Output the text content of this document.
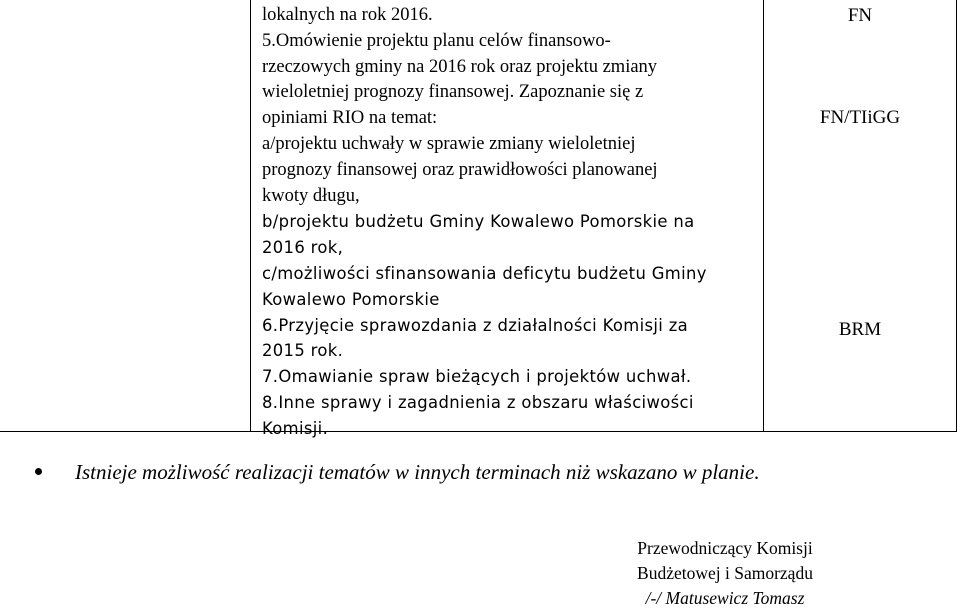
lokalnych na rok 2016.
5.Omówienie projektu planu celów finansowo-
rzeczowych gminy na 2016 rok oraz projektu zmiany
wieloletniej prognozy finansowej. Zapoznanie się z
opiniami RIO na temat:
a/projektu uchwały w sprawie zmiany wieloletniej
prognozy finansowej oraz prawidłowości planowanej
kwoty długu,
b/projektu budżetu Gminy Kowalewo Pomorskie na
2016 rok,
c/możliwości sfinansowania deficytu budżetu Gminy
Kowalewo Pomorskie
6.Przyjęcie sprawozdania z działalności Komisji za
2015 rok.
7.Omawianie spraw bieżących i projektów uchwał.
8.Inne sprawy i zagadnienia z obszaru właściwości
Komisji.
FN
FN/TIiGG
BRM
Istnieje możliwość realizacji tematów w innych terminach niż wskazano w planie.
Przewodniczący Komisji
Budżetowej i Samorządu
/-/ Matusewicz Tomasz
